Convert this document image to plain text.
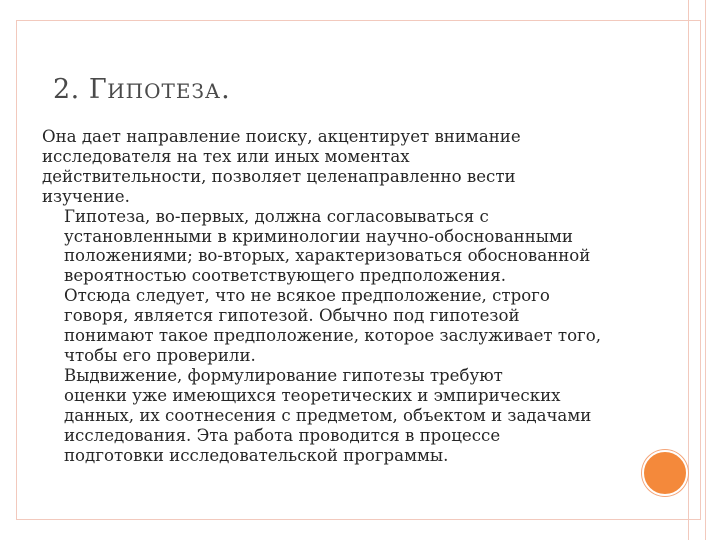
2. ГИПОТЕЗА.

Она дает направление поиску, акцентирует внимание
исследователя на тех или иных моментах
действительности, позволяет целенаправленно вести
изучение.

Гипотеза, во-первых, должна согласовываться с
установленными в криминологии научно-обоснованными
положениями; во-вторых, характеризоваться обоснованной
вероятностью соответствующего предположения.

Отсюда следует, что не всякое предположение, строго
говоря, является гипотезой. Обычно под гипотезой
понимают такое предположение, которое заслуживает того,
чтобы его проверили.

Выдвижение, формулирование гипотезы требуют
оценки уже имеющихся теоретических и эмпирических
данных, их соотнесения с предметом, объектом и задачами
исследования. Эта работа проводится в процессе
подготовки исследовательской программы.
